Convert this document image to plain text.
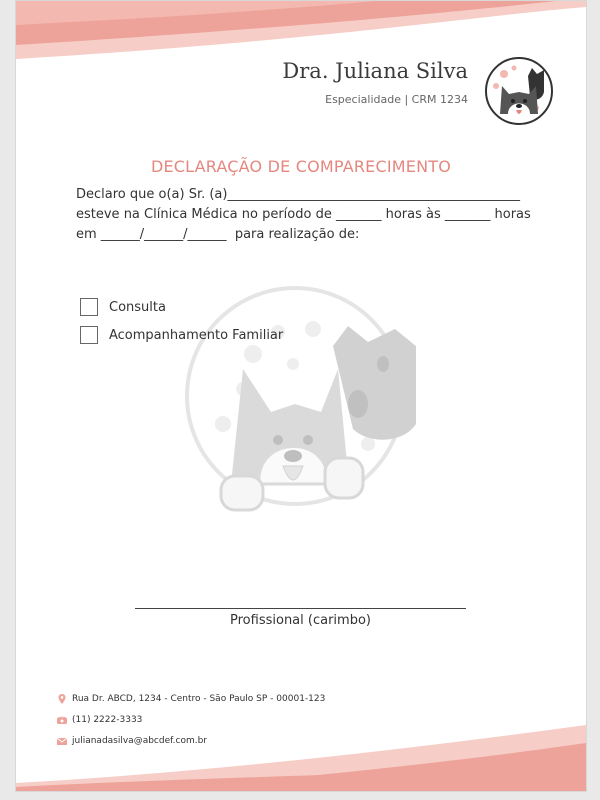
Dra. Juliana Silva
Especialidade | CRM 1234
DECLARAÇÃO DE COMPARECIMENTO
Declaro que o(a) Sr. (a)_____________________________________________
esteve na Clínica Médica no período de _______ horas às _______ horas
em ______/______/______  para realização de:
Consulta
Acompanhamento Familiar
Profissional (carimbo)
Rua Dr. ABCD, 1234 - Centro - São Paulo SP - 00001-123
(11) 2222-3333
julianadasilva@abcdef.com.br
